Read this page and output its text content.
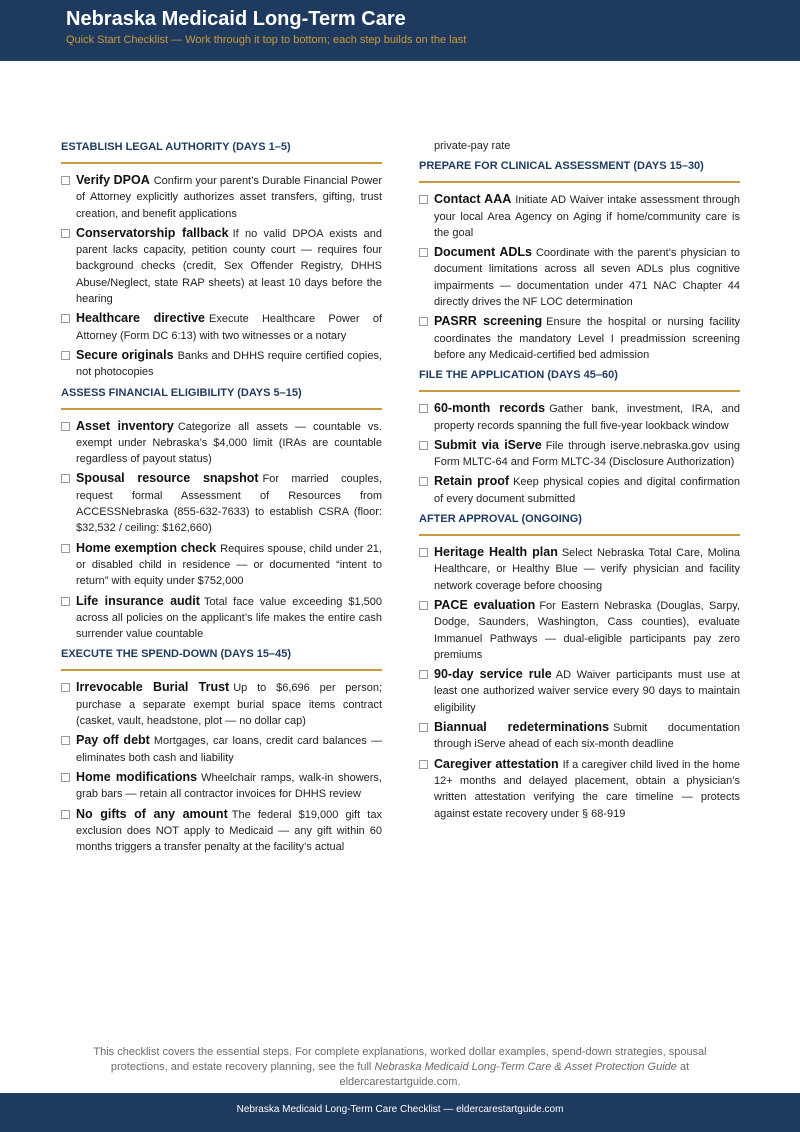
Nebraska Medicaid Long-Term Care
Quick Start Checklist — Work through it top to bottom; each step builds on the last
ESTABLISH LEGAL AUTHORITY (DAYS 1–5)
Verify DPOA Confirm your parent’s Durable Financial Power of Attorney explicitly authorizes asset transfers, gifting, trust creation, and benefit applications
Conservatorship fallback If no valid DPOA exists and parent lacks capacity, petition county court — requires four background checks (credit, Sex Offender Registry, DHHS Abuse/Neglect, state RAP sheets) at least 10 days before the hearing
Healthcare directive Execute Healthcare Power of Attorney (Form DC 6:13) with two witnesses or a notary
Secure originals Banks and DHHS require certified copies, not photocopies
ASSESS FINANCIAL ELIGIBILITY (DAYS 5–15)
Asset inventory Categorize all assets — countable vs. exempt under Nebraska’s $4,000 limit (IRAs are countable regardless of payout status)
Spousal resource snapshot For married couples, request formal Assessment of Resources from ACCESSNebraska (855-632-7633) to establish CSRA (floor: $32,532 / ceiling: $162,660)
Home exemption check Requires spouse, child under 21, or disabled child in residence — or documented “intent to return” with equity under $752,000
Life insurance audit Total face value exceeding $1,500 across all policies on the applicant’s life makes the entire cash surrender value countable
EXECUTE THE SPEND-DOWN (DAYS 15–45)
Irrevocable Burial Trust Up to $6,696 per person; purchase a separate exempt burial space items contract (casket, vault, headstone, plot — no dollar cap)
Pay off debt Mortgages, car loans, credit card balances — eliminates both cash and liability
Home modifications Wheelchair ramps, walk-in showers, grab bars — retain all contractor invoices for DHHS review
No gifts of any amount The federal $19,000 gift tax exclusion does NOT apply to Medicaid — any gift within 60 months triggers a transfer penalty at the facility’s actual
private-pay rate
PREPARE FOR CLINICAL ASSESSMENT (DAYS 15–30)
Contact AAA Initiate AD Waiver intake assessment through your local Area Agency on Aging if home/community care is the goal
Document ADLs Coordinate with the parent’s physician to document limitations across all seven ADLs plus cognitive impairments — documentation under 471 NAC Chapter 44 directly drives the NF LOC determination
PASRR screening Ensure the hospital or nursing facility coordinates the mandatory Level I preadmission screening before any Medicaid-certified bed admission
FILE THE APPLICATION (DAYS 45–60)
60-month records Gather bank, investment, IRA, and property records spanning the full five-year lookback window
Submit via iServe File through iserve.nebraska.gov using Form MLTC-64 and Form MLTC-34 (Disclosure Authorization)
Retain proof Keep physical copies and digital confirmation of every document submitted
AFTER APPROVAL (ONGOING)
Heritage Health plan Select Nebraska Total Care, Molina Healthcare, or Healthy Blue — verify physician and facility network coverage before choosing
PACE evaluation For Eastern Nebraska (Douglas, Sarpy, Dodge, Saunders, Washington, Cass counties), evaluate Immanuel Pathways — dual-eligible participants pay zero premiums
90-day service rule AD Waiver participants must use at least one authorized waiver service every 90 days to maintain eligibility
Biannual redeterminations Submit documentation through iServe ahead of each six-month deadline
Caregiver attestation If a caregiver child lived in the home 12+ months and delayed placement, obtain a physician’s written attestation verifying the care timeline — protects against estate recovery under § 68-919
This checklist covers the essential steps. For complete explanations, worked dollar examples, spend-down strategies, spousal protections, and estate recovery planning, see the full Nebraska Medicaid Long-Term Care & Asset Protection Guide at eldercarestartguide.com.
Nebraska Medicaid Long-Term Care Checklist — eldercarestartguide.com
